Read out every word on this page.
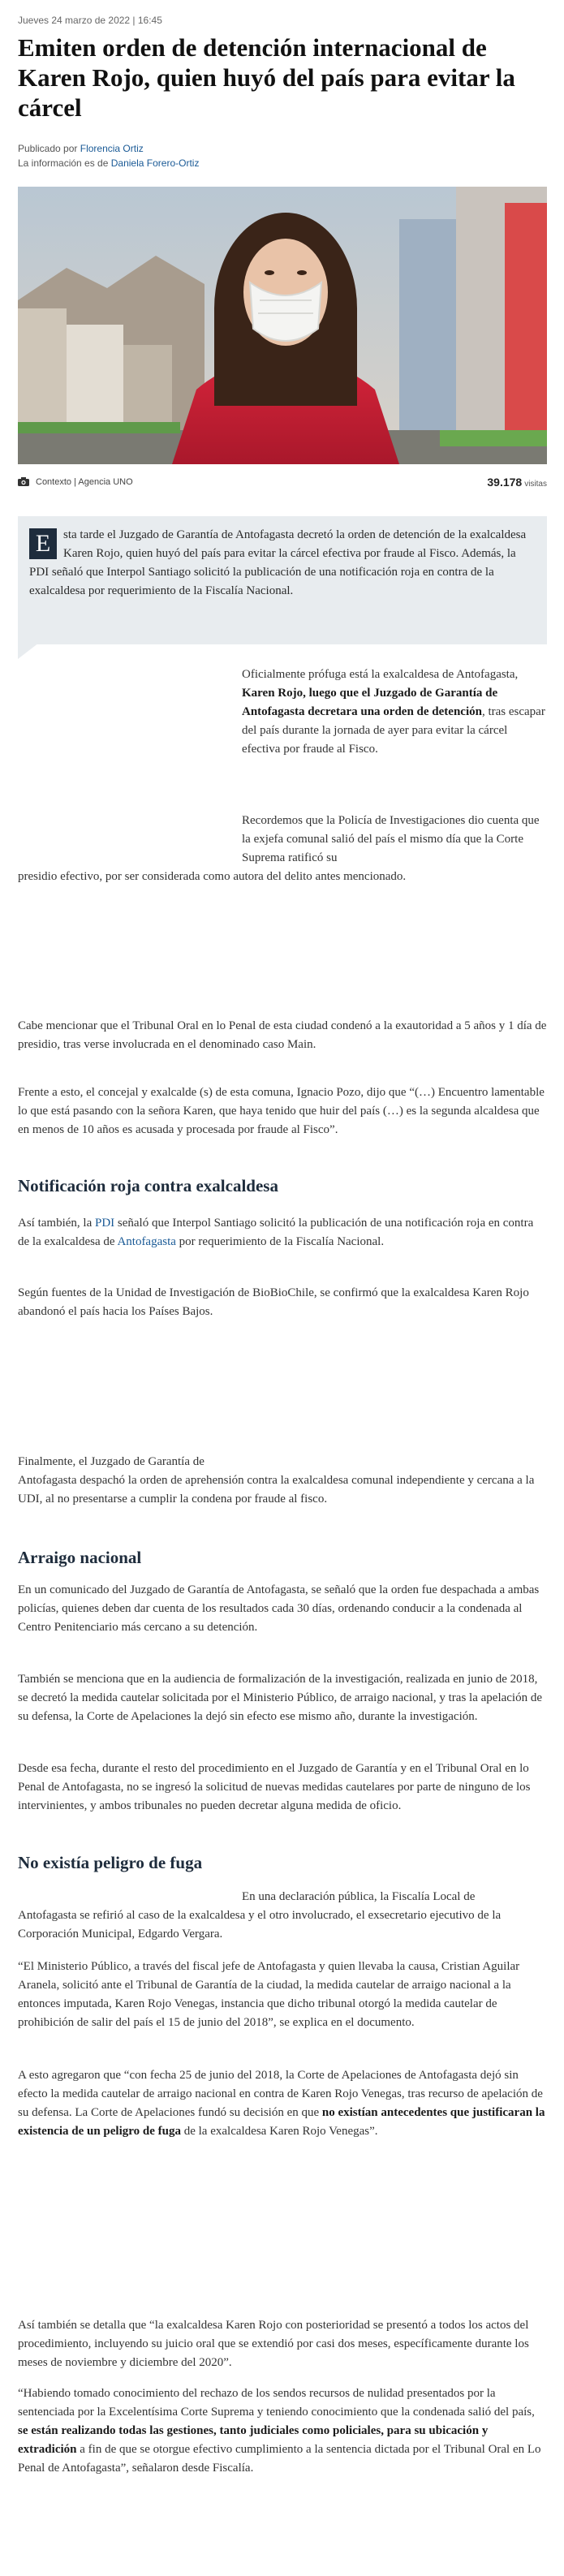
Jueves 24 marzo de 2022 | 16:45
Emiten orden de detención internacional de Karen Rojo, quien huyó del país para evitar la cárcel
Publicado por Florencia Ortiz
La información es de Daniela Forero-Ortiz
Contexto | Agencia UNO	39.178 visitas

E	sta tarde el Juzgado de Garantía de Antofagasta decretó la orden de detención de la exalcaldesa Karen Rojo, quien huyó del país para evitar la cárcel efectiva por fraude al Fisco. Además, la PDI señaló que Interpol Santiago solicitó la publicación de una notificación roja en contra de la exalcaldesa por requerimiento de la Fiscalía Nacional.

Oficialmente prófuga está la exalcaldesa de Antofagasta, Karen Rojo, luego que el Juzgado de Garantía de Antofagasta decretara una orden de detención, tras escapar del país durante la jornada de ayer para evitar la cárcel efectiva por fraude al Fisco.

Recordemos que la Policía de Investigaciones dio cuenta que la exjefa comunal salió del país el mismo día que la Corte Suprema ratificó su

presidio efectivo, por ser considerada como autora del delito antes mencionado.

Cabe mencionar que el Tribunal Oral en lo Penal de esta ciudad condenó a la exautoridad a 5 años y 1 día de presidio, tras verse involucrada en el denominado caso Main.

Frente a esto, el concejal y exalcalde (s) de esta comuna, Ignacio Pozo, dijo que “(…) Encuentro lamentable lo que está pasando con la señora Karen, que haya tenido que huir del país (…) es la segunda alcaldesa que en menos de 10 años es acusada y procesada por fraude al Fisco”.

Notificación roja contra exalcaldesa

Así también, la PDI señaló que Interpol Santiago solicitó la publicación de una notificación roja en contra de la exalcaldesa de Antofagasta por requerimiento de la Fiscalía Nacional.

Según fuentes de la Unidad de Investigación de BioBioChile, se confirmó que la exalcaldesa Karen Rojo abandonó el país hacia los Países Bajos.

Finalmente, el Juzgado de Garantía de
Antofagasta despachó la orden de aprehensión contra la exalcaldesa comunal independiente y cercana a la UDI, al no presentarse a cumplir la condena por fraude al fisco.

Arraigo nacional

En un comunicado del Juzgado de Garantía de Antofagasta, se señaló que la orden fue despachada a ambas policías, quienes deben dar cuenta de los resultados cada 30 días, ordenando conducir a la condenada al Centro Penitenciario más cercano a su detención.

También se menciona que en la audiencia de formalización de la investigación, realizada en junio de 2018, se decretó la medida cautelar solicitada por el Ministerio Público, de arraigo nacional, y tras la apelación de su defensa, la Corte de Apelaciones la dejó sin efecto ese mismo año, durante la investigación.

Desde esa fecha, durante el resto del procedimiento en el Juzgado de Garantía y en el Tribunal Oral en lo Penal de Antofagasta, no se ingresó la solicitud de nuevas medidas cautelares por parte de ninguno de los intervinientes, y ambos tribunales no pueden decretar alguna medida de oficio.

No existía peligro de fuga

En una declaración pública, la Fiscalía Local de

Antofagasta se refirió al caso de la exalcaldesa y el otro involucrado, el exsecretario ejecutivo de la Corporación Municipal, Edgardo Vergara.

“El Ministerio Público, a través del fiscal jefe de Antofagasta y quien llevaba la causa, Cristian Aguilar Aranela, solicitó ante el Tribunal de Garantía de la ciudad, la medida cautelar de arraigo nacional a la entonces imputada, Karen Rojo Venegas, instancia que dicho tribunal otorgó la medida cautelar de prohibición de salir del país el 15 de junio del 2018”, se explica en el documento.

A esto agregaron que “con fecha 25 de junio del 2018, la Corte de Apelaciones de Antofagasta dejó sin efecto la medida cautelar de arraigo nacional en contra de Karen Rojo Venegas, tras recurso de apelación de su defensa. La Corte de Apelaciones fundó su decisión en que no existían antecedentes que justificaran la existencia de un peligro de fuga de la exalcaldesa Karen Rojo Venegas”.

Así también se detalla que “la exalcaldesa Karen Rojo con posterioridad se presentó a todos los actos del procedimiento, incluyendo su juicio oral que se extendió por casi dos meses, específicamente durante los meses de noviembre y diciembre del 2020”.

“Habiendo tomado conocimiento del rechazo de los sendos recursos de nulidad presentados por la sentenciada por la Excelentísima Corte Suprema y teniendo conocimiento que la condenada salió del país, se están realizando todas las gestiones, tanto judiciales como policiales, para su ubicación y extradición a fin de que se otorgue efectivo cumplimiento a la sentencia dictada por el Tribunal Oral en Lo Penal de Antofagasta”, señalaron desde Fiscalía.
